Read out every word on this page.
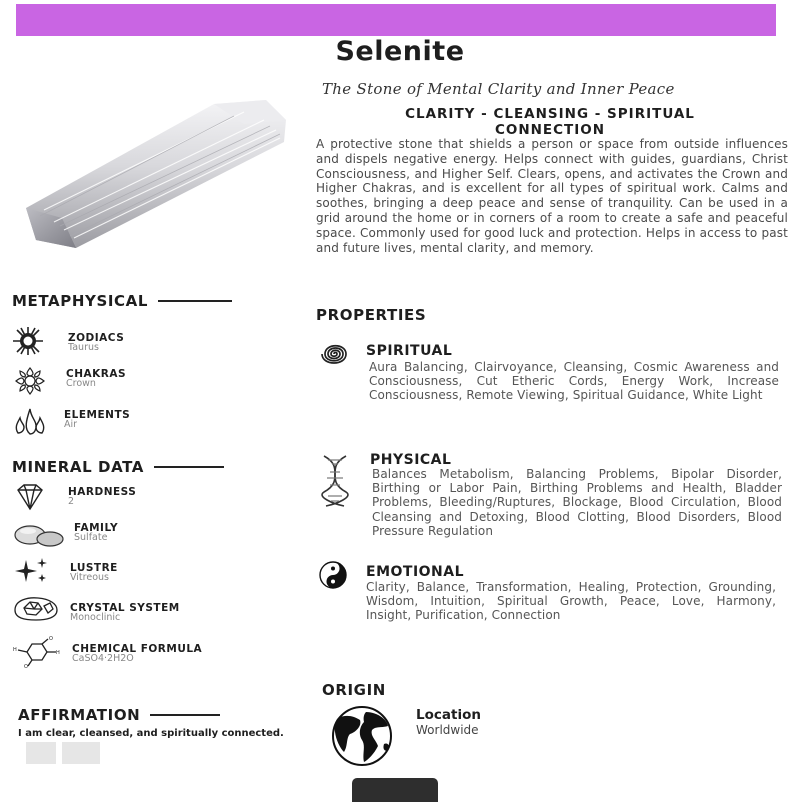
Selenite
The Stone of Mental Clarity and Inner Peace
CLARITY - CLEANSING - SPIRITUAL CONNECTION
A protective stone that shields a person or space from outside influences and dispels negative energy. Helps connect with guides, guardians, Christ Consciousness, and Higher Self. Clears, opens, and activates the Crown and Higher Chakras, and is excellent for all types of spiritual work. Calms and soothes, bringing a deep peace and sense of tranquility. Can be used in a grid around the home or in corners of a room to create a safe and peaceful space. Commonly used for good luck and protection. Helps in access to past and future lives, mental clarity, and memory.
METAPHYSICAL
ZODIACS
Taurus
CHAKRAS
Crown
ELEMENTS
Air
MINERAL DATA
HARDNESS
2
FAMILY
Sulfate
LUSTRE
Vitreous
CRYSTAL SYSTEM
Monoclinic
O
H
O
H	CHEMICAL FORMULA
CaSO4·2H2O
AFFIRMATION
I am clear, cleansed, and spiritually connected.
PROPERTIES
SPIRITUAL
Aura Balancing, Clairvoyance, Cleansing, Cosmic Awareness and Consciousness, Cut Etheric Cords, Energy Work, Increase Consciousness, Remote Viewing, Spiritual Guidance, White Light
PHYSICAL
Balances Metabolism, Balancing Problems, Bipolar Disorder, Birthing or Labor Pain, Birthing Problems and Health, Bladder Problems, Bleeding/Ruptures, Blockage, Blood Circulation, Blood Cleansing and Detoxing, Blood Clotting, Blood Disorders, Blood Pressure Regulation
EMOTIONAL
Clarity, Balance, Transformation, Healing, Protection, Grounding, Wisdom, Intuition, Spiritual Growth, Peace, Love, Harmony, Insight, Purification, Connection
ORIGIN
Location
Worldwide
